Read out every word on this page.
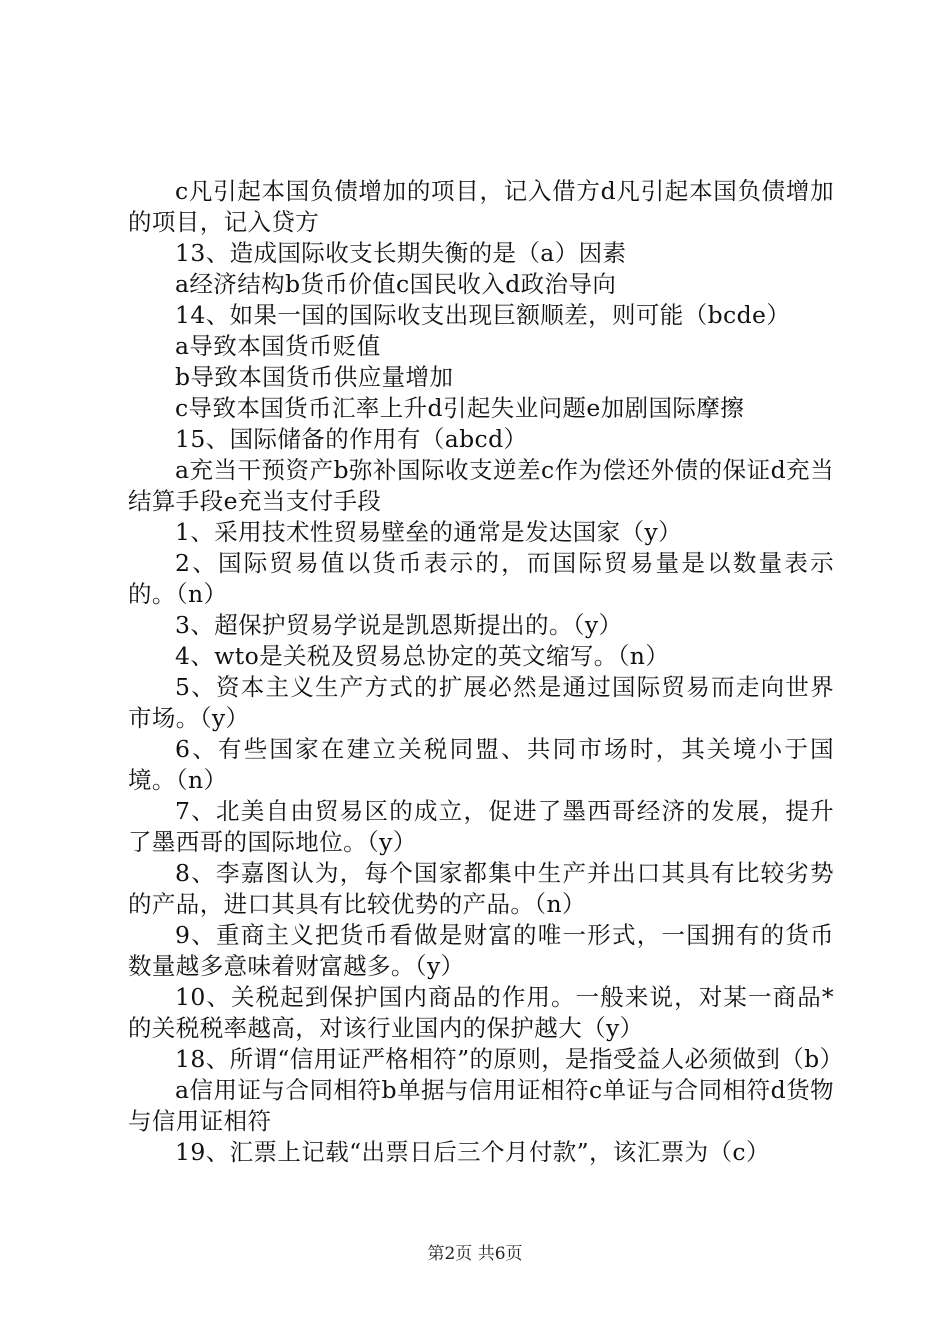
c凡引起本国负债增加的项目，记入借方d凡引起本国负债增加的项目，记入贷方

13、造成国际收支长期失衡的是（a）因素

a经济结构b货币价值c国民收入d政治导向

14、如果一国的国际收支出现巨额顺差，则可能（bcde）

a导致本国货币贬值

b导致本国货币供应量增加

c导致本国货币汇率上升d引起失业问题e加剧国际摩擦

15、国际储备的作用有（abcd）

a充当干预资产b弥补国际收支逆差c作为偿还外债的保证d充当结算手段e充当支付手段

1、采用技术性贸易壁垒的通常是发达国家（y）

2、国际贸易值以货币表示的，而国际贸易量是以数量表示的。（n）

3、超保护贸易学说是凯恩斯提出的。（y）

4、wto是关税及贸易总协定的英文缩写。（n）

5、资本主义生产方式的扩展必然是通过国际贸易而走向世界市场。（y）

6、有些国家在建立关税同盟、共同市场时，其关境小于国境。（n）

7、北美自由贸易区的成立，促进了墨西哥经济的发展，提升了墨西哥的国际地位。（y）

8、李嘉图认为，每个国家都集中生产并出口其具有比较劣势的产品，进口其具有比较优势的产品。（n）

9、重商主义把货币看做是财富的唯一形式，一国拥有的货币数量越多意味着财富越多。（y）

10、关税起到保护国内商品的作用。一般来说，对某一商品*的关税税率越高，对该行业国内的保护越大（y）

18、所谓“信用证严格相符”的原则，是指受益人必须做到（b）

a信用证与合同相符b单据与信用证相符c单证与合同相符d货物与信用证相符

19、汇票上记载“出票日后三个月付款”，该汇票为（c）

第2页 共6页
